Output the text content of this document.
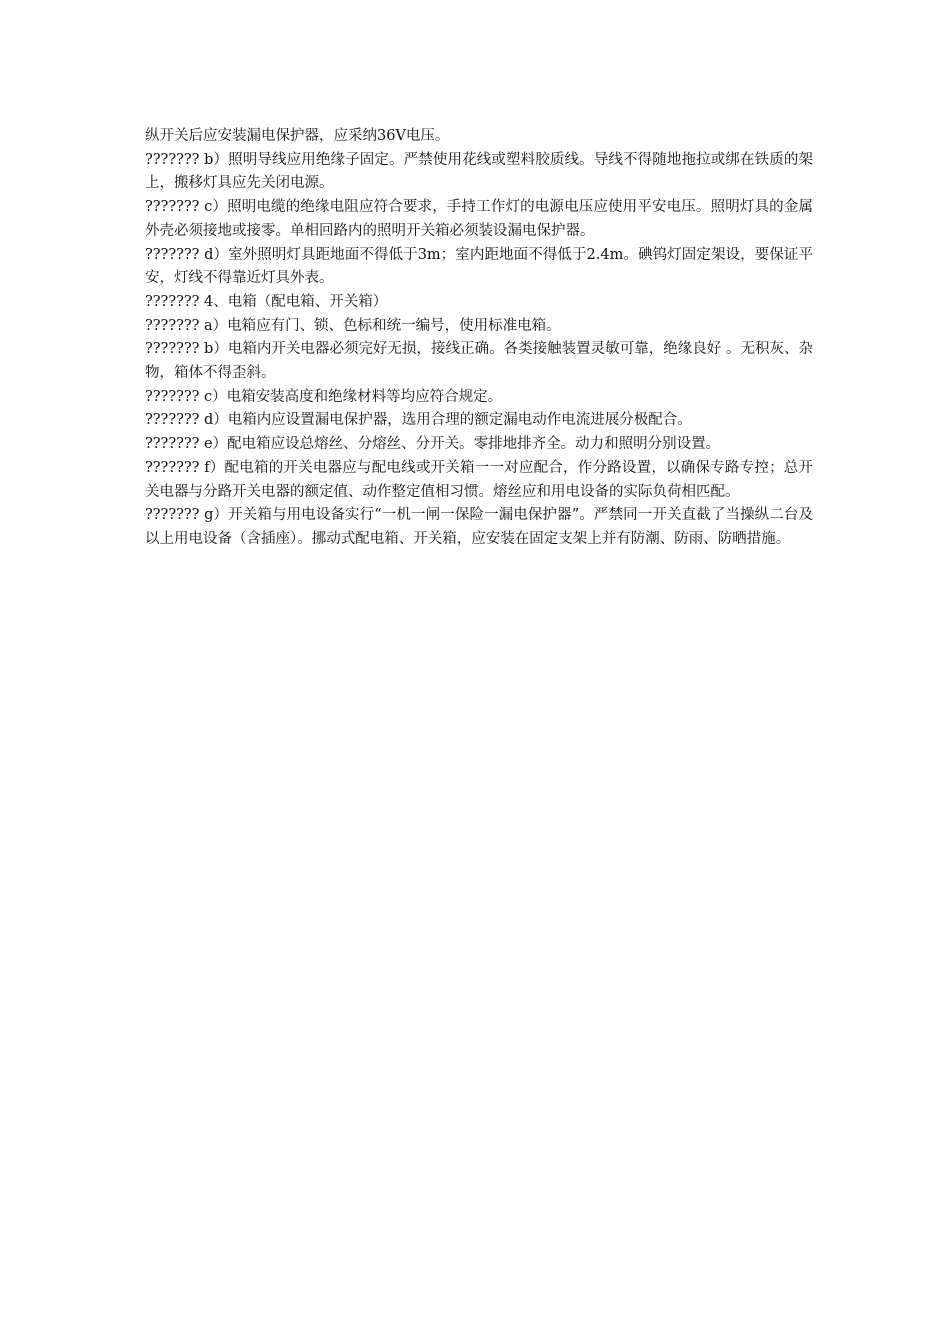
纵开关后应安装漏电保护器，应采纳36V电压。

??????? b）照明导线应用绝缘子固定。严禁使用花线或塑料胶质线。导线不得随地拖拉或绑在铁质的架上，搬移灯具应先关闭电源。

??????? c）照明电缆的绝缘电阻应符合要求，手持工作灯的电源电压应使用平安电压。照明灯具的金属外壳必须接地或接零。单相回路内的照明开关箱必须装设漏电保护器。

??????? d）室外照明灯具距地面不得低于3m；室内距地面不得低于2.4m。碘钨灯固定架设，要保证平安，灯线不得靠近灯具外表。

??????? 4、电箱（配电箱、开关箱）

??????? a）电箱应有门、锁、色标和统一编号，使用标准电箱。

??????? b）电箱内开关电器必须完好无损，接线正确。各类接触装置灵敏可靠，绝缘良好 。无积灰、杂物，箱体不得歪斜。

??????? c）电箱安装高度和绝缘材料等均应符合规定。

??????? d）电箱内应设置漏电保护器，选用合理的额定漏电动作电流进展分极配合。

??????? e）配电箱应设总熔丝、分熔丝、分开关。零排地排齐全。动力和照明分别设置。

??????? f）配电箱的开关电器应与配电线或开关箱一一对应配合，作分路设置，以确保专路专控；总开关电器与分路开关电器的额定值、动作整定值相习惯。熔丝应和用电设备的实际负荷相匹配。

??????? g）开关箱与用电设备实行“一机一闸一保险一漏电保护器”。严禁同一开关直截了当操纵二台及以上用电设备（含插座）。挪动式配电箱、开关箱，应安装在固定支架上并有防潮、防雨、防晒措施。
